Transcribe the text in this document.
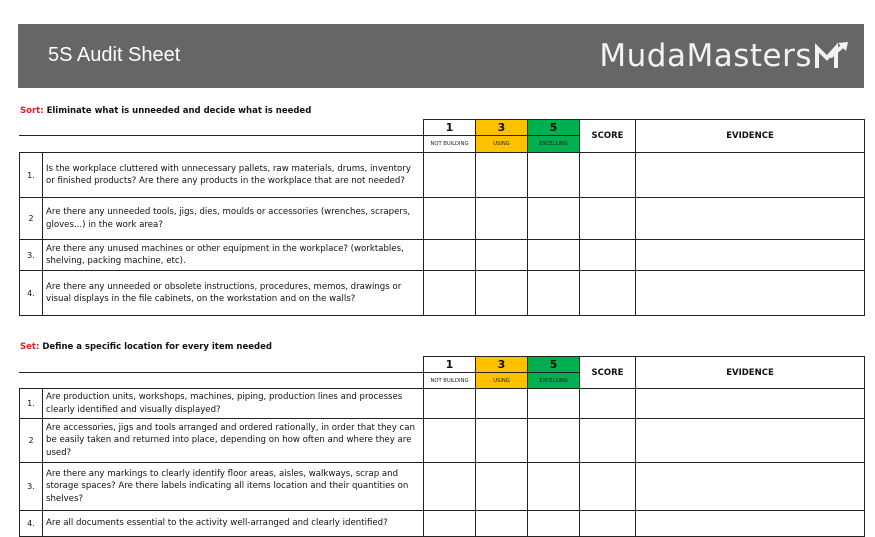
5S Audit Sheet	MudaMasters
Sort: Eliminate what is unneeded and decide what is needed
		1	3	5	SCORE	EVIDENCE
		NOT BUILDING	USING	EXCELLING		
1.	Is the workplace cluttered with unnecessary pallets, raw materials, drums, inventory or finished products? Are there any products in the workplace that are not needed?					
2	Are there any unneeded tools, jigs, dies, moulds or accessories (wrenches, scrapers, gloves...) in the work area?					
3.	Are there any unused machines or other equipment in the workplace? (worktables, shelving, packing machine, etc).					
4.	Are there any unneeded or obsolete instructions, procedures, memos, drawings or visual displays in the file cabinets, on the workstation and on the walls?					
Set: Define a specific location for every item needed
		1	3	5	SCORE	EVIDENCE
		NOT BUILDING	USING	EXCELLING		
1.	Are production units, workshops, machines, piping, production lines and processes clearly identified and visually displayed?					
2	Are accessories, jigs and tools arranged and ordered rationally, in order that they can be easily taken and returned into place, depending on how often and where they are used?					
3.	Are there any markings to clearly identify floor areas, aisles, walkways, scrap and storage spaces? Are there labels indicating all items location and their quantities on shelves?					
4.	Are all documents essential to the activity well-arranged and clearly identified?					
